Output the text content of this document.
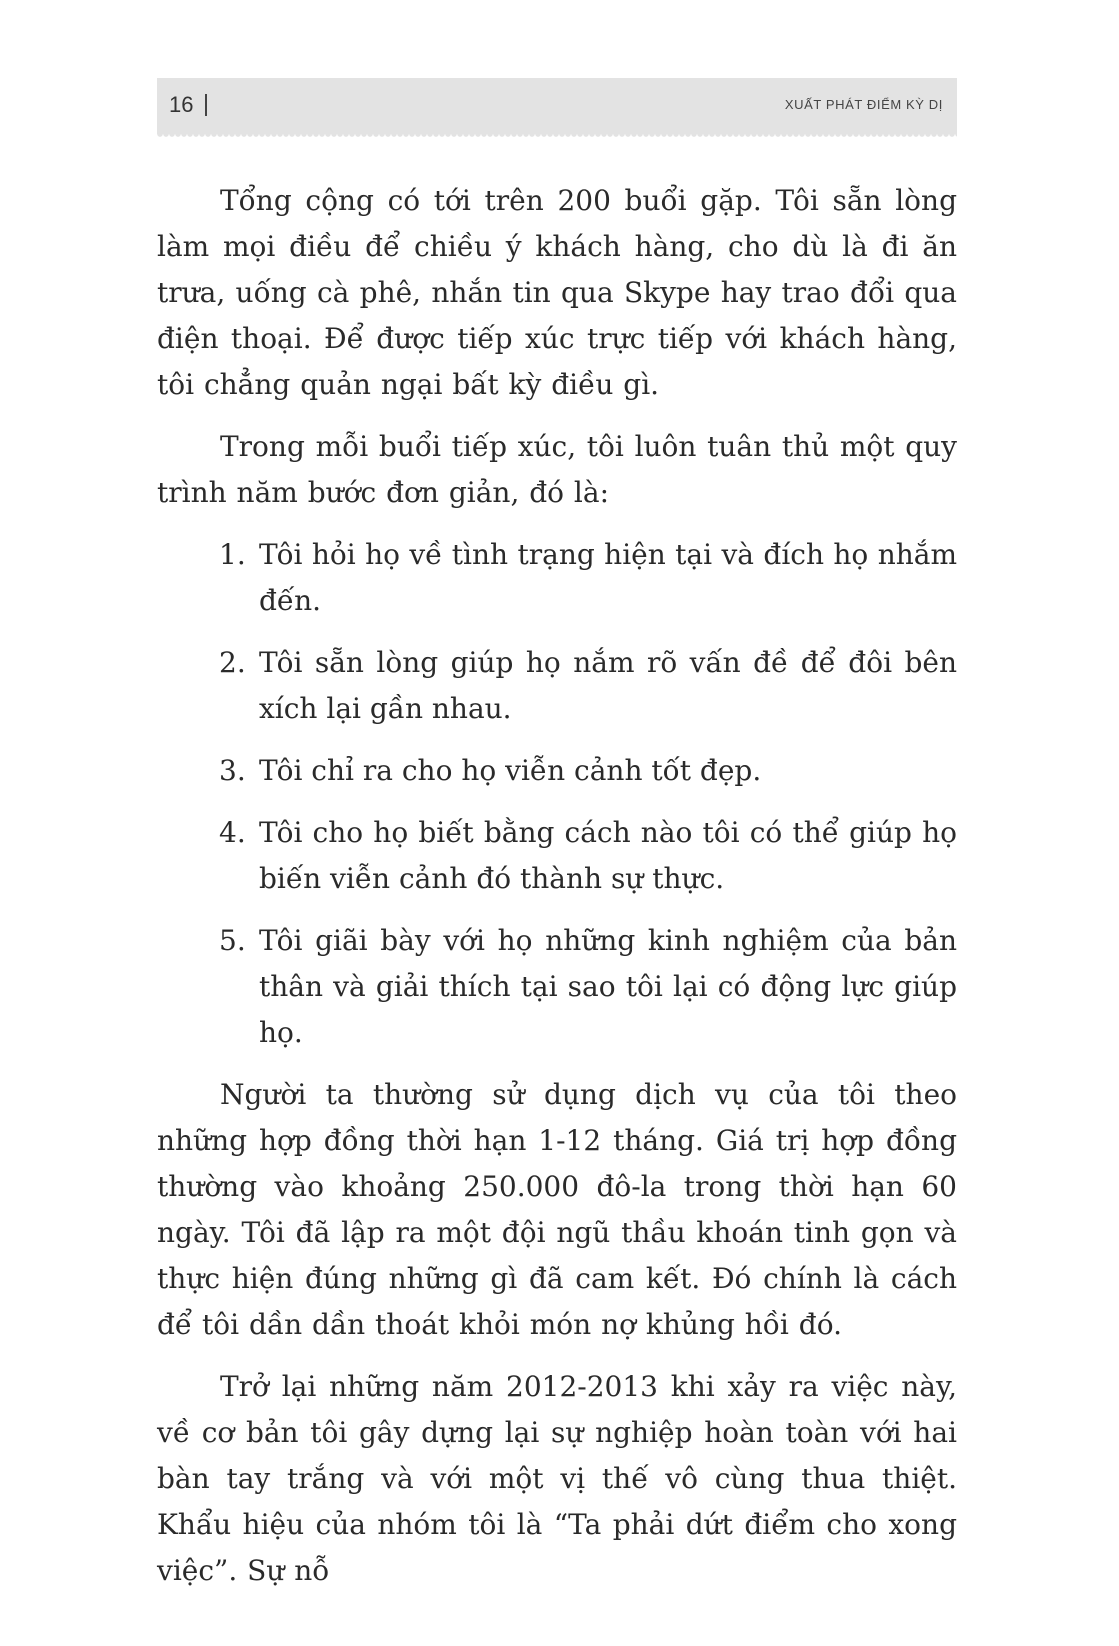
16	XUẤT PHÁT ĐIỂM KỲ DỊ

Tổng cộng có tới trên 200 buổi gặp. Tôi sẵn lòng làm mọi điều để chiều ý khách hàng, cho dù là đi ăn trưa, uống cà phê, nhắn tin qua Skype hay trao đổi qua điện thoại. Để được tiếp xúc trực tiếp với khách hàng, tôi chẳng quản ngại bất kỳ điều gì.

Trong mỗi buổi tiếp xúc, tôi luôn tuân thủ một quy trình năm bước đơn giản, đó là:

1. Tôi hỏi họ về tình trạng hiện tại và đích họ nhắm đến.
2. Tôi sẵn lòng giúp họ nắm rõ vấn đề để đôi bên xích lại gần nhau.
3. Tôi chỉ ra cho họ viễn cảnh tốt đẹp.
4. Tôi cho họ biết bằng cách nào tôi có thể giúp họ biến viễn cảnh đó thành sự thực.
5. Tôi giãi bày với họ những kinh nghiệm của bản thân và giải thích tại sao tôi lại có động lực giúp họ.

Người ta thường sử dụng dịch vụ của tôi theo những hợp đồng thời hạn 1-12 tháng. Giá trị hợp đồng thường vào khoảng 250.000 đô-la trong thời hạn 60 ngày. Tôi đã lập ra một đội ngũ thầu khoán tinh gọn và thực hiện đúng những gì đã cam kết. Đó chính là cách để tôi dần dần thoát khỏi món nợ khủng hồi đó.

Trở lại những năm 2012-2013 khi xảy ra việc này, về cơ bản tôi gây dựng lại sự nghiệp hoàn toàn với hai bàn tay trắng và với một vị thế vô cùng thua thiệt. Khẩu hiệu của nhóm tôi là “Ta phải dứt điểm cho xong việc”. Sự nỗ
